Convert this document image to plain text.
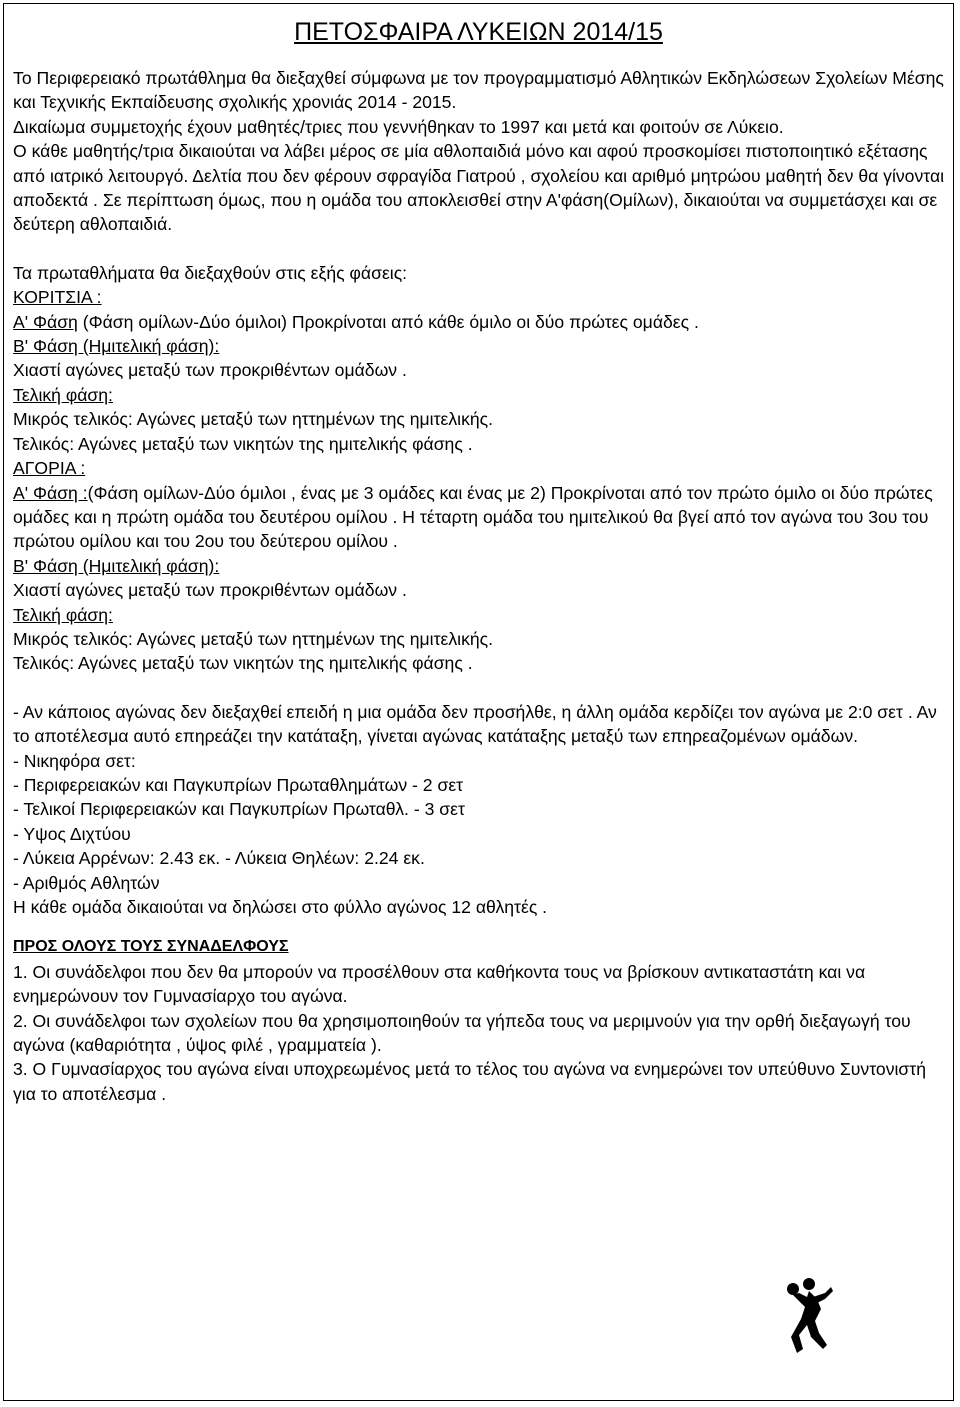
ΠΕΤΟΣΦΑΙΡΑ ΛΥΚΕΙΩΝ 2014/15

Το Περιφερειακό πρωτάθλημα θα διεξαχθεί σύμφωνα με τον προγραμματισμό Αθλητικών Εκδηλώσεων Σχολείων Μέσης και Τεχνικής Εκπαίδευσης σχολικής χρονιάς 2014 - 2015.

Δικαίωμα συμμετοχής έχουν μαθητές/τριες που γεννήθηκαν το 1997 και μετά και φοιτούν σε Λύκειο.

Ο κάθε μαθητής/τρια δικαιούται να λάβει μέρος σε μία αθλοπαιδιά μόνο και αφού προσκομίσει πιστοποιητικό εξέτασης από ιατρικό λειτουργό. Δελτία που δεν φέρουν σφραγίδα Γιατρού , σχολείου και αριθμό μητρώου μαθητή δεν θα γίνονται αποδεκτά . Σε περίπτωση όμως, που η ομάδα του αποκλεισθεί στην Α'φάση(Ομίλων), δικαιούται να συμμετάσχει και σε δεύτερη αθλοπαιδιά.

Τα πρωταθλήματα θα διεξαχθούν στις εξής φάσεις:

ΚΟΡΙΤΣΙΑ :

Α' Φάση (Φάση ομίλων-Δύο όμιλοι) Προκρίνοται από κάθε όμιλο οι δύο πρώτες ομάδες .

Β' Φάση (Ημιτελική φάση):

Χιαστί αγώνες μεταξύ των προκριθέντων ομάδων .

Τελική φάση:

Μικρός τελικός: Αγώνες μεταξύ των ηττημένων της ημιτελικής.

Τελικός: Αγώνες μεταξύ των νικητών της ημιτελικής φάσης .

ΑΓΟΡΙΑ :

Α' Φάση :(Φάση ομίλων-Δύο όμιλοι , ένας με 3 ομάδες και ένας με 2) Προκρίνοται από τον πρώτο όμιλο οι δύο πρώτες ομάδες και η πρώτη ομάδα του δευτέρου ομίλου . Η τέταρτη ομάδα του ημιτελικού θα βγεί από τον αγώνα του 3ου του πρώτου ομίλου και του 2ου του δεύτερου ομίλου .

Β' Φάση (Ημιτελική φάση):

Χιαστί αγώνες μεταξύ των προκριθέντων ομάδων .

Τελική φάση:

Μικρός τελικός: Αγώνες μεταξύ των ηττημένων της ημιτελικής.

Τελικός: Αγώνες μεταξύ των νικητών της ημιτελικής φάσης .

- Αν κάποιος αγώνας δεν διεξαχθεί επειδή η μια ομάδα δεν προσήλθε, η άλλη ομάδα κερδίζει τον αγώνα με 2:0 σετ . Αν το αποτέλεσμα αυτό επηρεάζει την κατάταξη, γίνεται αγώνας κατάταξης μεταξύ των επηρεαζομένων ομάδων.

- Νικηφόρα σετ:

- Περιφερειακών και Παγκυπρίων Πρωταθλημάτων - 2 σετ

- Τελικοί Περιφερειακών και Παγκυπρίων Πρωταθλ. - 3 σετ

- Υψος Διχτύου

- Λύκεια Αρρένων: 2.43 εκ. - Λύκεια Θηλέων: 2.24 εκ.

- Αριθμός Αθλητών

Η κάθε ομάδα δικαιούται να δηλώσει στο φύλλο αγώνος 12 αθλητές .

ΠΡΟΣ ΟΛΟΥΣ ΤΟΥΣ ΣΥΝΑΔΕΛΦΟΥΣ

1. Οι συνάδελφοι που δεν θα μπορούν να προσέλθουν στα καθήκοντα τους να βρίσκουν αντικαταστάτη και να ενημερώνουν τον Γυμνασίαρχο του αγώνα.

2. Οι συνάδελφοι των σχολείων που θα χρησιμοποιηθούν τα γήπεδα τους να μεριμνούν για την ορθή διεξαγωγή του αγώνα (καθαριότητα , ύψος φιλέ , γραμματεία ).

3. Ο Γυμνασίαρχος του αγώνα είναι υποχρεωμένος μετά το τέλος του αγώνα να ενημερώνει τον υπεύθυνο Συντονιστή για το αποτέλεσμα .
